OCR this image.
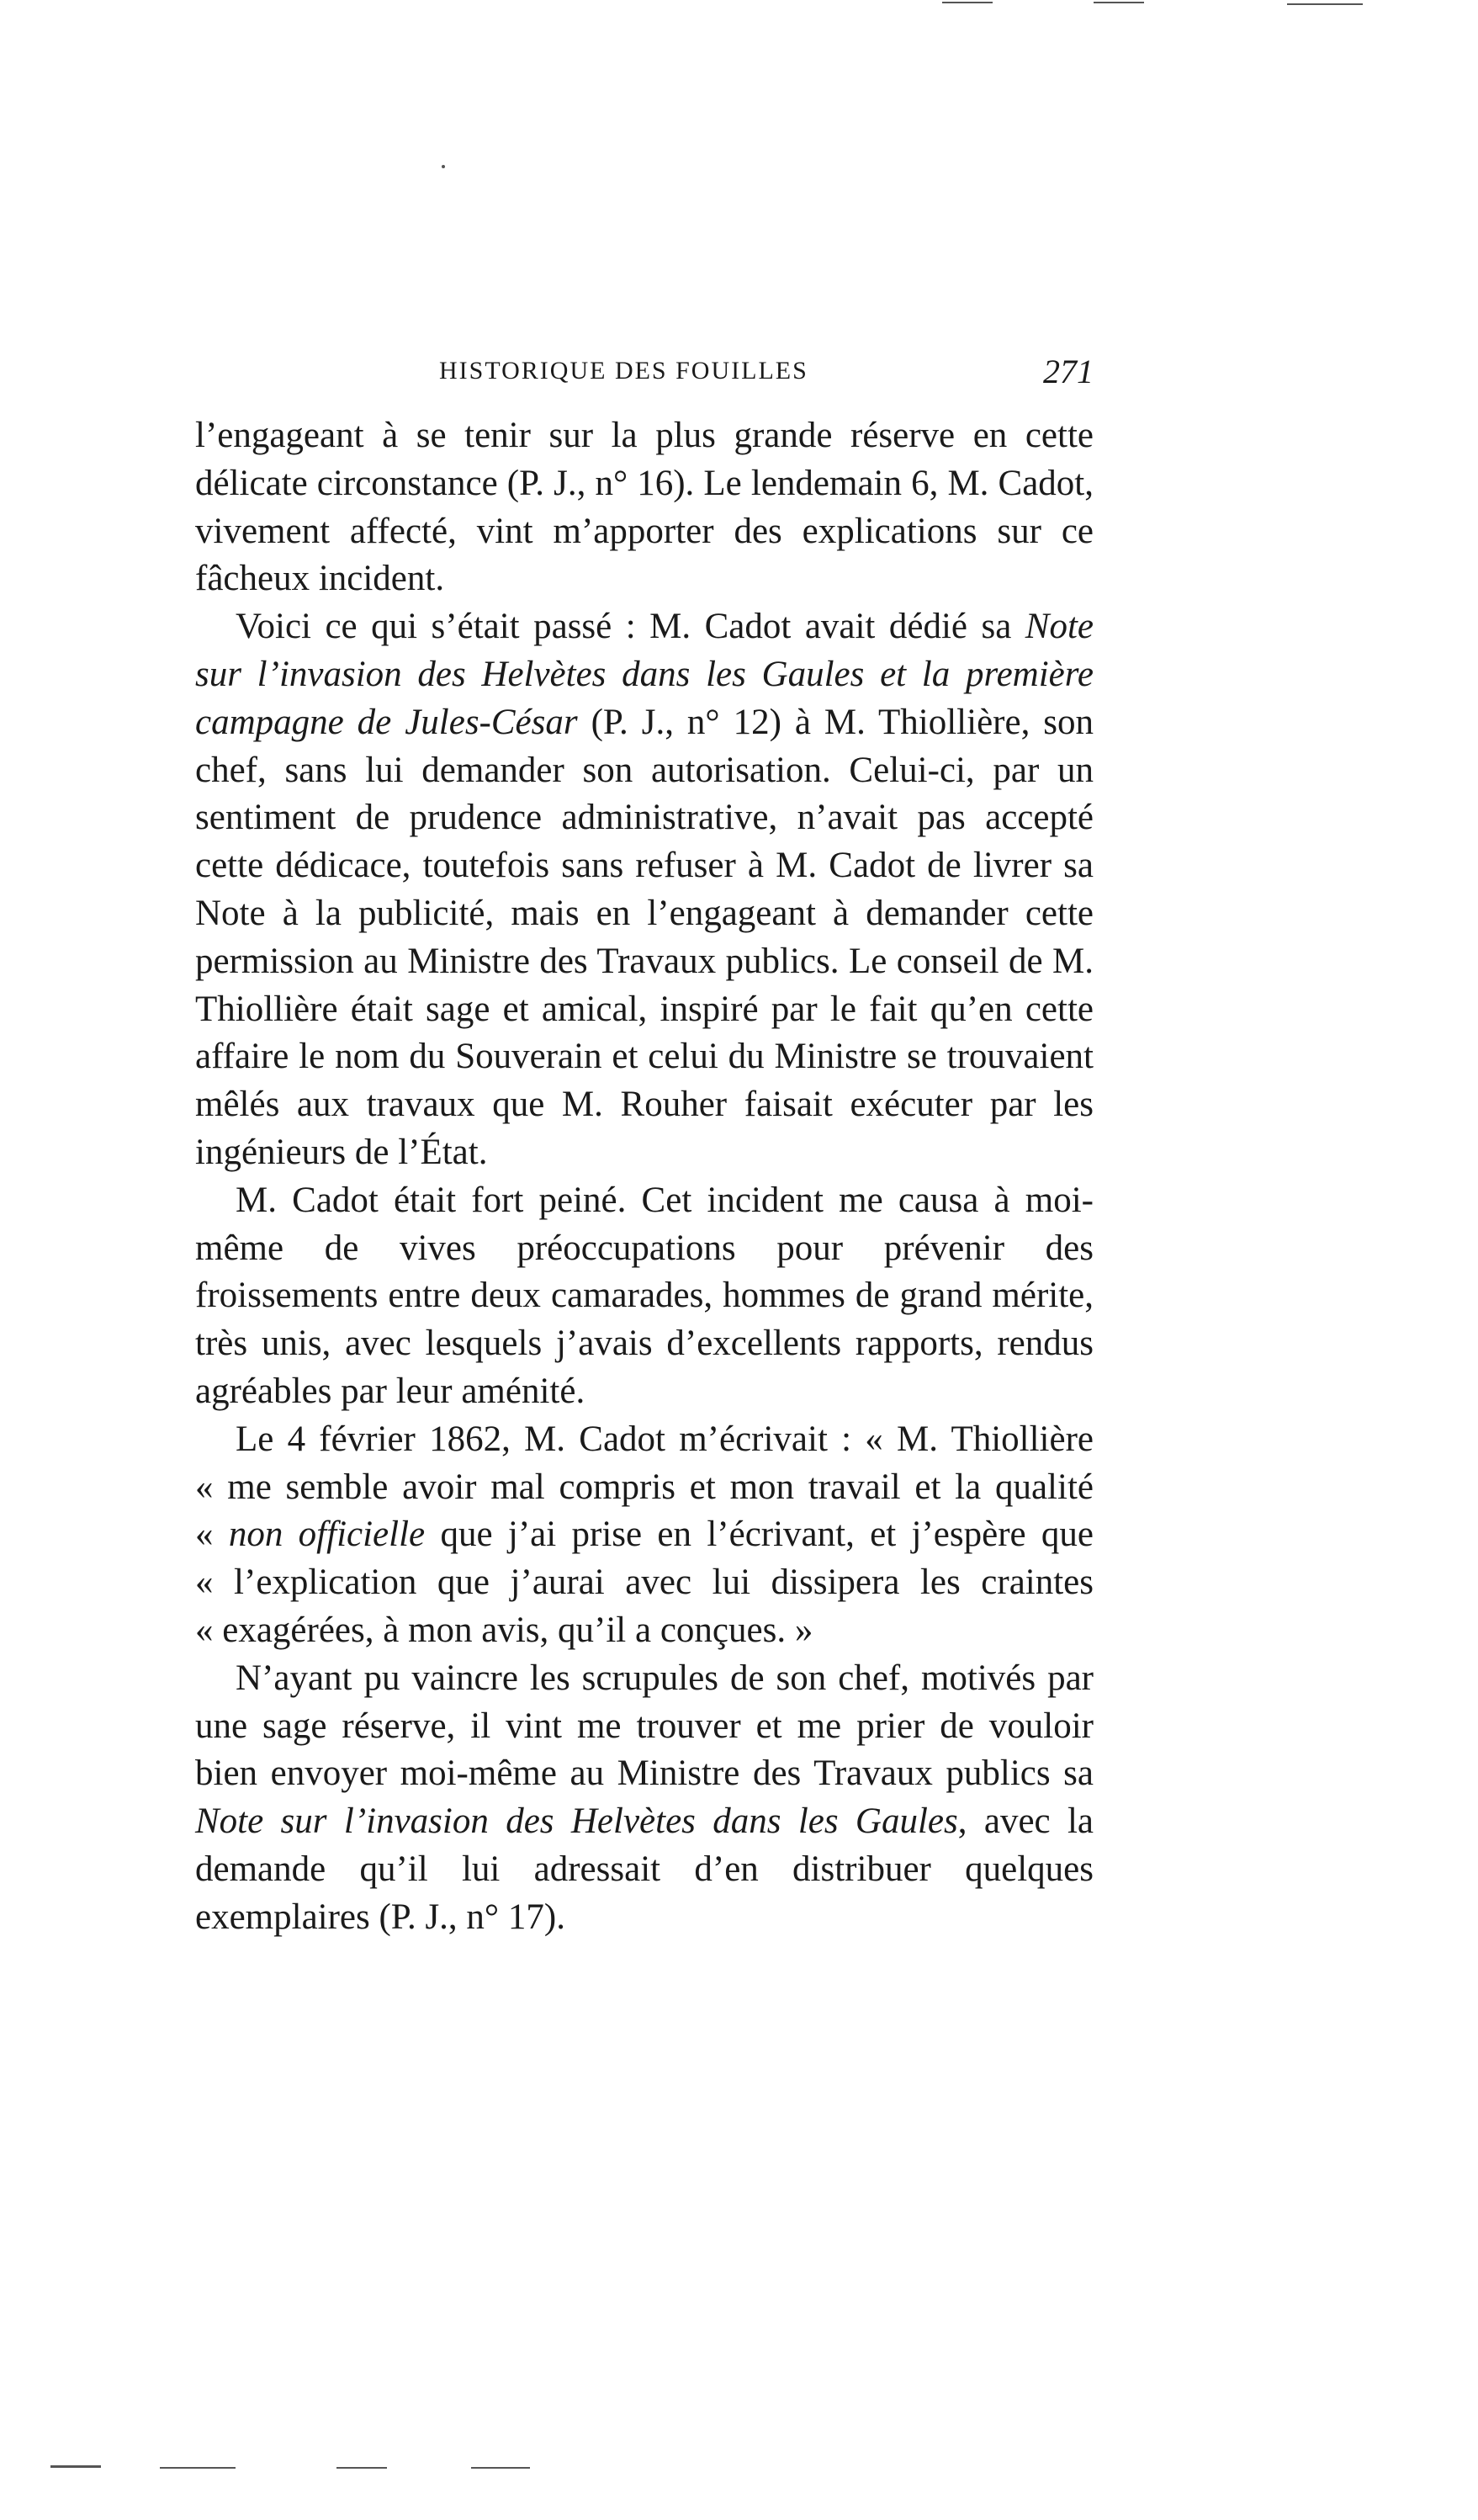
HISTORIQUE DES FOUILLES	271

l’engageant à se tenir sur la plus grande réserve en cette délicate circonstance (P. J., n° 16). Le lendemain 6, M. Cadot, vivement affecté, vint m’apporter des explications sur ce fâcheux incident.

Voici ce qui s’était passé : M. Cadot avait dédié sa Note sur l’invasion des Helvètes dans les Gaules et la première campagne de Jules-César (P. J., n° 12) à M. Thiollière, son chef, sans lui demander son autorisation. Celui-ci, par un sentiment de prudence administrative, n’avait pas accepté cette dédicace, toutefois sans refuser à M. Cadot de livrer sa Note à la publicité, mais en l’engageant à demander cette permission au Ministre des Travaux publics. Le conseil de M. Thiollière était sage et amical, inspiré par le fait qu’en cette affaire le nom du Souverain et celui du Ministre se trouvaient mêlés aux travaux que M. Rouher faisait exécuter par les ingénieurs de l’État.

M. Cadot était fort peiné. Cet incident me causa à moi-même de vives préoccupations pour prévenir des froissements entre deux camarades, hommes de grand mérite, très unis, avec lesquels j’avais d’excellents rapports, rendus agréables par leur aménité.

Le 4 février 1862, M. Cadot m’écrivait : « M. Thiollière

« me semble avoir mal compris et mon travail et la qualité
« non officielle que j’ai prise en l’écrivant, et j’espère que
« l’explication que j’aurai avec lui dissipera les craintes
« exagérées, à mon avis, qu’il a conçues. »

N’ayant pu vaincre les scrupules de son chef, motivés par une sage réserve, il vint me trouver et me prier de vouloir bien envoyer moi-même au Ministre des Travaux publics sa Note sur l’invasion des Helvètes dans les Gaules, avec la demande qu’il lui adressait d’en distribuer quelques exemplaires (P. J., n° 17).
